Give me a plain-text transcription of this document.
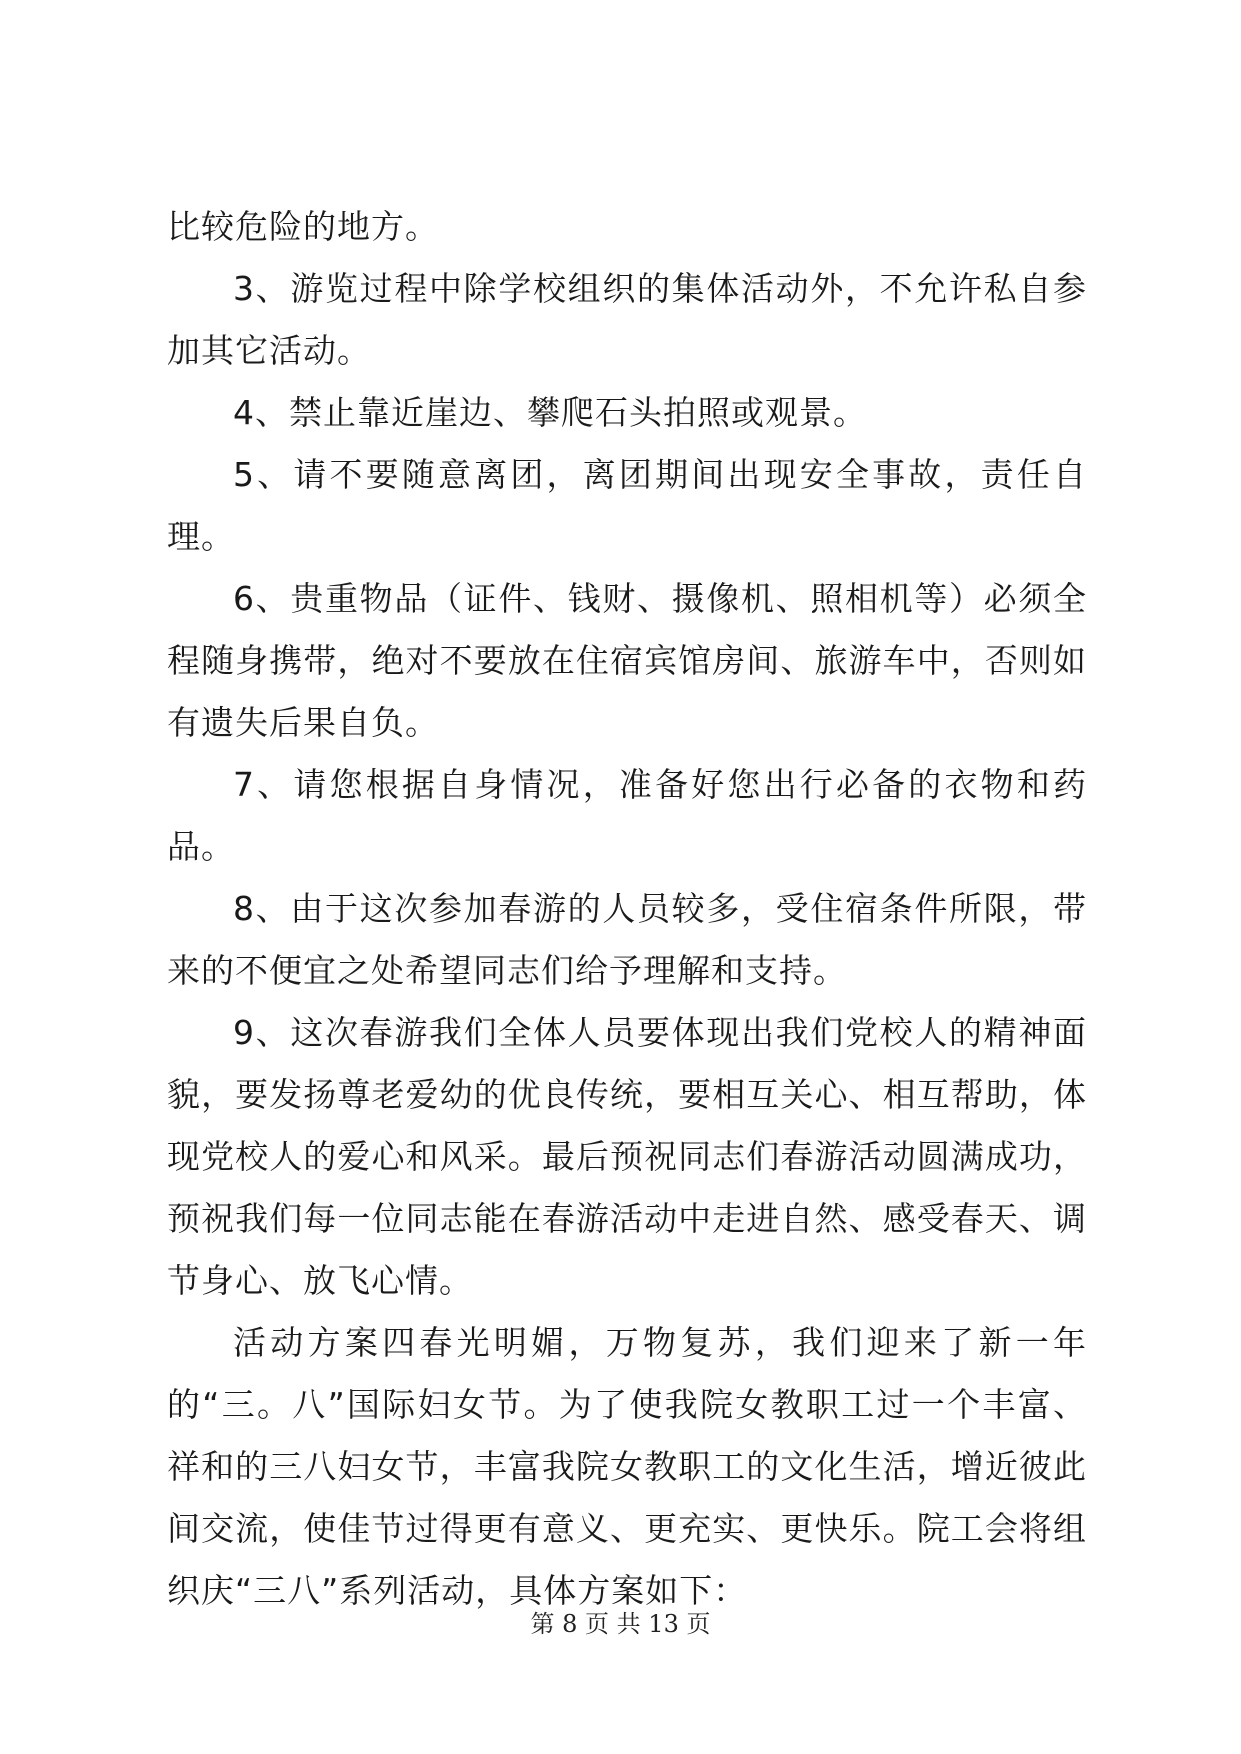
比较危险的地方。

3、游览过程中除学校组织的集体活动外，不允许私自参加其它活动。

4、禁止靠近崖边、攀爬石头拍照或观景。

5、请不要随意离团，离团期间出现安全事故，责任自理。

6、贵重物品（证件、钱财、摄像机、照相机等）必须全程随身携带，绝对不要放在住宿宾馆房间、旅游车中，否则如有遗失后果自负。

7、请您根据自身情况，准备好您出行必备的衣物和药品。

8、由于这次参加春游的人员较多，受住宿条件所限，带来的不便宜之处希望同志们给予理解和支持。

9、这次春游我们全体人员要体现出我们党校人的精神面貌，要发扬尊老爱幼的优良传统，要相互关心、相互帮助，体现党校人的爱心和风采。最后预祝同志们春游活动圆满成功，预祝我们每一位同志能在春游活动中走进自然、感受春天、调节身心、放飞心情。

活动方案四春光明媚，万物复苏，我们迎来了新一年的“三。八”国际妇女节。为了使我院女教职工过一个丰富、祥和的三八妇女节，丰富我院女教职工的文化生活，增近彼此间交流，使佳节过得更有意义、更充实、更快乐。院工会将组织庆“三八”系列活动，具体方案如下：

第 8 页 共 13 页
